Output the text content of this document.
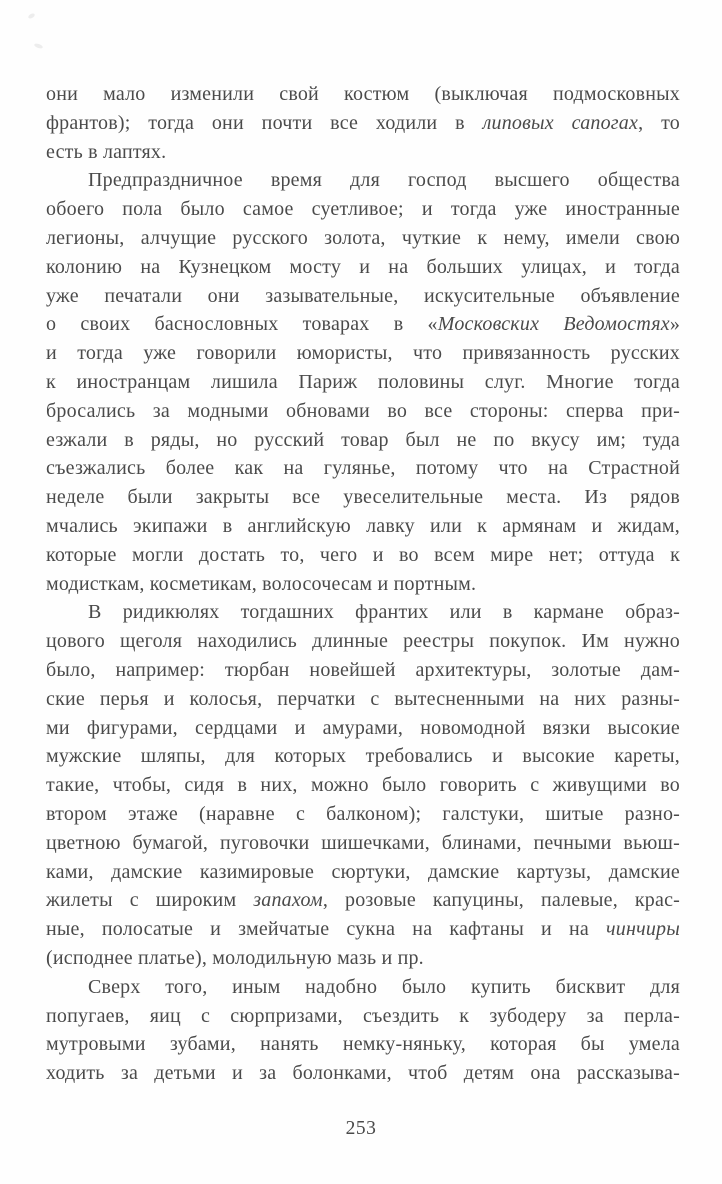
они мало изменили свой костюм (выключая подмосковных
франтов); тогда они почти все ходили в липовых сапогах, то
есть в лаптях.
Предпраздничное время для господ высшего общества
обоего пола было самое суетливое; и тогда уже иностранные
легионы, алчущие русского золота, чуткие к нему, имели свою
колонию на Кузнецком мосту и на больших улицах, и тогда
уже печатали они зазывательные, искусительные объявление
о своих баснословных товарах в «Московских Ведомостях»
и тогда уже говорили юмористы, что привязанность русских
к иностранцам лишила Париж половины слуг. Многие тогда
бросались за модными обновами во все стороны: сперва при-
езжали в ряды, но русский товар был не по вкусу им; туда
съезжались более как на гулянье, потому что на Страстной
неделе были закрыты все увеселительные места. Из рядов
мчались экипажи в английскую лавку или к армянам и жидам,
которые могли достать то, чего и во всем мире нет; оттуда к
модисткам, косметикам, волосочесам и портным.
В ридикюлях тогдашних франтих или в кармане образ-
цового щеголя находились длинные реестры покупок. Им нужно
было, например: тюрбан новейшей архитектуры, золотые дам-
ские перья и колосья, перчатки с вытесненными на них разны-
ми фигурами, сердцами и амурами, новомодной вязки высокие
мужские шляпы, для которых требовались и высокие кареты,
такие, чтобы, сидя в них, можно было говорить с живущими во
втором этаже (наравне с балконом); галстуки, шитые разно-
цветною бумагой, пуговочки шишечками, блинами, печными вьюш-
ками, дамские казимировые сюртуки, дамские картузы, дамские
жилеты с широким запахом, розовые капуцины, палевые, крас-
ные, полосатые и змейчатые сукна на кафтаны и на чинчиры
(исподнее платье), молодильную мазь и пр.
Сверх того, иным надобно было купить бисквит для
попугаев, яиц с сюрпризами, съездить к зубодеру за перла-
мутровыми зубами, нанять немку-няньку, которая бы умела
ходить за детьми и за болонками, чтоб детям она рассказыва-
253
